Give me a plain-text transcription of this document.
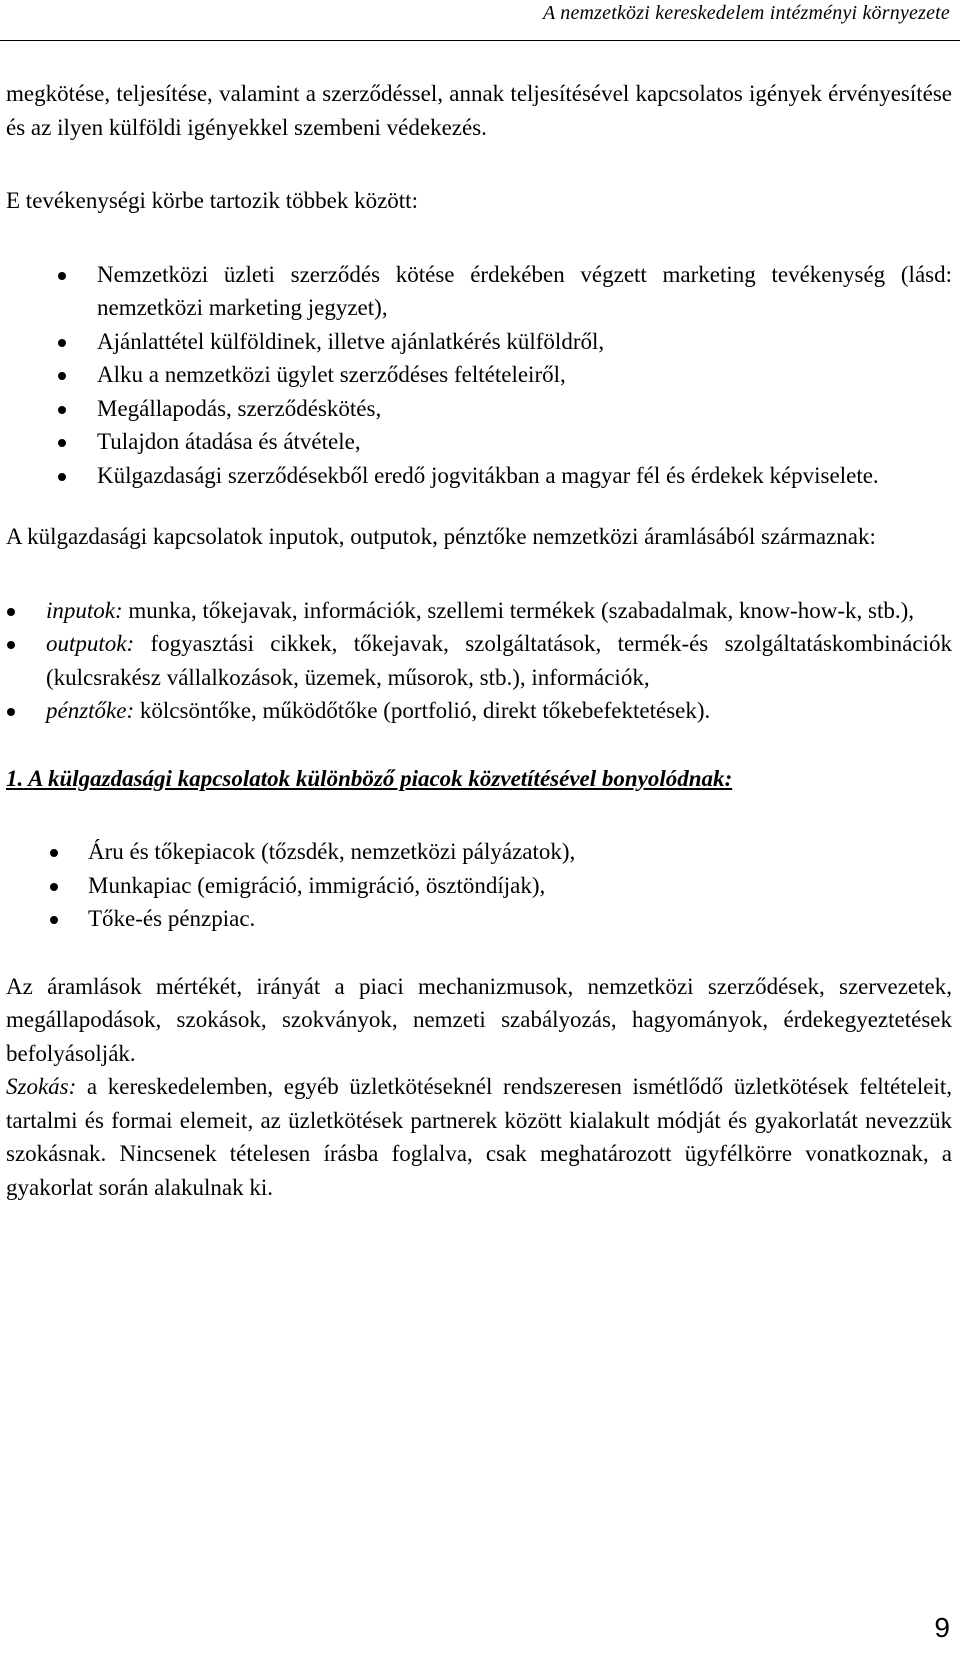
A nemzetközi kereskedelem intézményi környezete

megkötése, teljesítése, valamint a szerződéssel, annak teljesítésével kapcsolatos igények érvényesítése és az ilyen külföldi igényekkel szembeni védekezés.

E tevékenységi körbe tartozik többek között:

Nemzetközi üzleti szerződés kötése érdekében végzett marketing tevékenység (lásd: nemzetközi marketing jegyzet),
Ajánlattétel külföldinek, illetve ajánlatkérés külföldről,
Alku a nemzetközi ügylet szerződéses feltételeiről,
Megállapodás, szerződéskötés,
Tulajdon átadása és átvétele,
Külgazdasági szerződésekből eredő jogvitákban a magyar fél és érdekek képviselete.

A külgazdasági kapcsolatok inputok, outputok, pénztőke nemzetközi áramlásából származnak:

inputok: munka, tőkejavak, információk, szellemi termékek (szabadalmak, know-how-k, stb.),
outputok: fogyasztási cikkek, tőkejavak, szolgáltatások, termék-és szolgáltatáskombinációk (kulcsrakész vállalkozások, üzemek, műsorok, stb.), információk,
pénztőke: kölcsöntőke, működőtőke (portfolió, direkt tőkebefektetések).

1. A külgazdasági kapcsolatok különböző piacok közvetítésével bonyolódnak:

Áru és tőkepiacok (tőzsdék, nemzetközi pályázatok),
Munkapiac (emigráció, immigráció, ösztöndíjak),
Tőke-és pénzpiac.

Az áramlások mértékét, irányát a piaci mechanizmusok, nemzetközi szerződések, szervezetek, megállapodások, szokások, szokványok, nemzeti szabályozás, hagyományok, érdekegyeztetések befolyásolják.

Szokás: a kereskedelemben, egyéb üzletkötéseknél rendszeresen ismétlődő üzletkötések feltételeit, tartalmi és formai elemeit, az üzletkötések partnerek között kialakult módját és gyakorlatát nevezzük szokásnak. Nincsenek tételesen írásba foglalva, csak meghatározott ügyfélkörre vonatkoznak, a gyakorlat során alakulnak ki.

9
